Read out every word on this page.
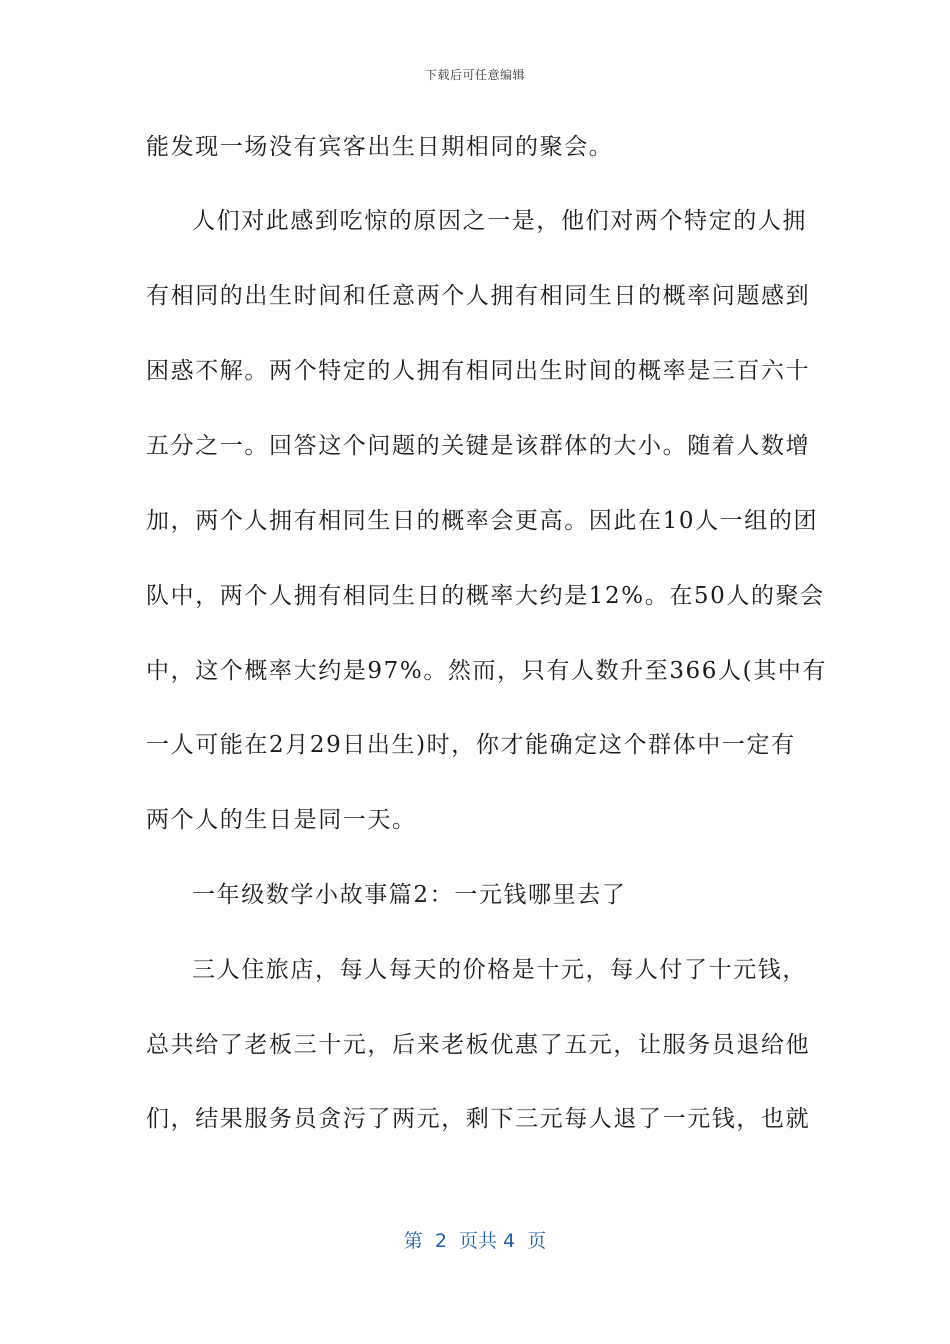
下载后可任意编辑
能发现一场没有宾客出生日期相同的聚会。
人们对此感到吃惊的原因之一是，他们对两个特定的人拥
有相同的出生时间和任意两个人拥有相同生日的概率问题感到
困惑不解。两个特定的人拥有相同出生时间的概率是三百六十
五分之一。回答这个问题的关键是该群体的大小。随着人数增
加，两个人拥有相同生日的概率会更高。因此在10人一组的团
队中，两个人拥有相同生日的概率大约是12%。在50人的聚会
中，这个概率大约是97%。然而，只有人数升至366人(其中有
一人可能在2月29日出生)时，你才能确定这个群体中一定有
两个人的生日是同一天。
一年级数学小故事篇2：一元钱哪里去了
三人住旅店，每人每天的价格是十元，每人付了十元钱，
总共给了老板三十元，后来老板优惠了五元，让服务员退给他
们，结果服务员贪污了两元，剩下三元每人退了一元钱，也就
第  2  页共 4  页
